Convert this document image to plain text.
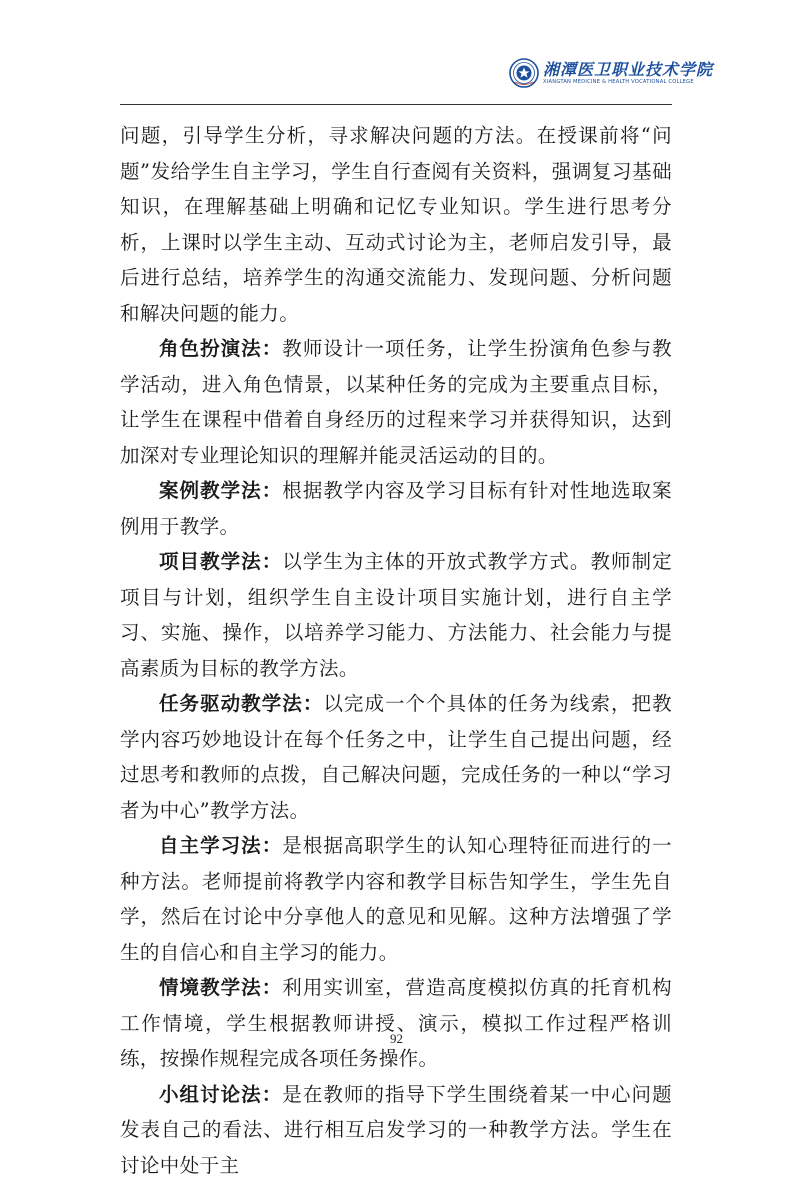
湘潭医卫职业技术学院
XIANGTAN MEDICINE & HEALTH VOCATIONAL COLLEGE

问题，引导学生分析，寻求解决问题的方法。在授课前将“问题”发给学生自主学习，学生自行查阅有关资料，强调复习基础知识，在理解基础上明确和记忆专业知识。学生进行思考分析，上课时以学生主动、互动式讨论为主，老师启发引导，最后进行总结，培养学生的沟通交流能力、发现问题、分析问题和解决问题的能力。

角色扮演法：教师设计一项任务，让学生扮演角色参与教学活动，进入角色情景，以某种任务的完成为主要重点目标，让学生在课程中借着自身经历的过程来学习并获得知识，达到加深对专业理论知识的理解并能灵活运动的目的。

案例教学法：根据教学内容及学习目标有针对性地选取案例用于教学。

项目教学法：以学生为主体的开放式教学方式。教师制定项目与计划，组织学生自主设计项目实施计划，进行自主学习、实施、操作，以培养学习能力、方法能力、社会能力与提高素质为目标的教学方法。

任务驱动教学法：以完成一个个具体的任务为线索，把教学内容巧妙地设计在每个任务之中，让学生自己提出问题，经过思考和教师的点拨，自己解决问题，完成任务的一种以“学习者为中心”教学方法。

自主学习法：是根据高职学生的认知心理特征而进行的一种方法。老师提前将教学内容和教学目标告知学生，学生先自学，然后在讨论中分享他人的意见和见解。这种方法增强了学生的自信心和自主学习的能力。

情境教学法：利用实训室，营造高度模拟仿真的托育机构工作情境，学生根据教师讲授、演示，模拟工作过程严格训练，按操作规程完成各项任务操作。

小组讨论法：是在教师的指导下学生围绕着某一中心问题发表自己的看法、进行相互启发学习的一种教学方法。学生在讨论中处于主

92
